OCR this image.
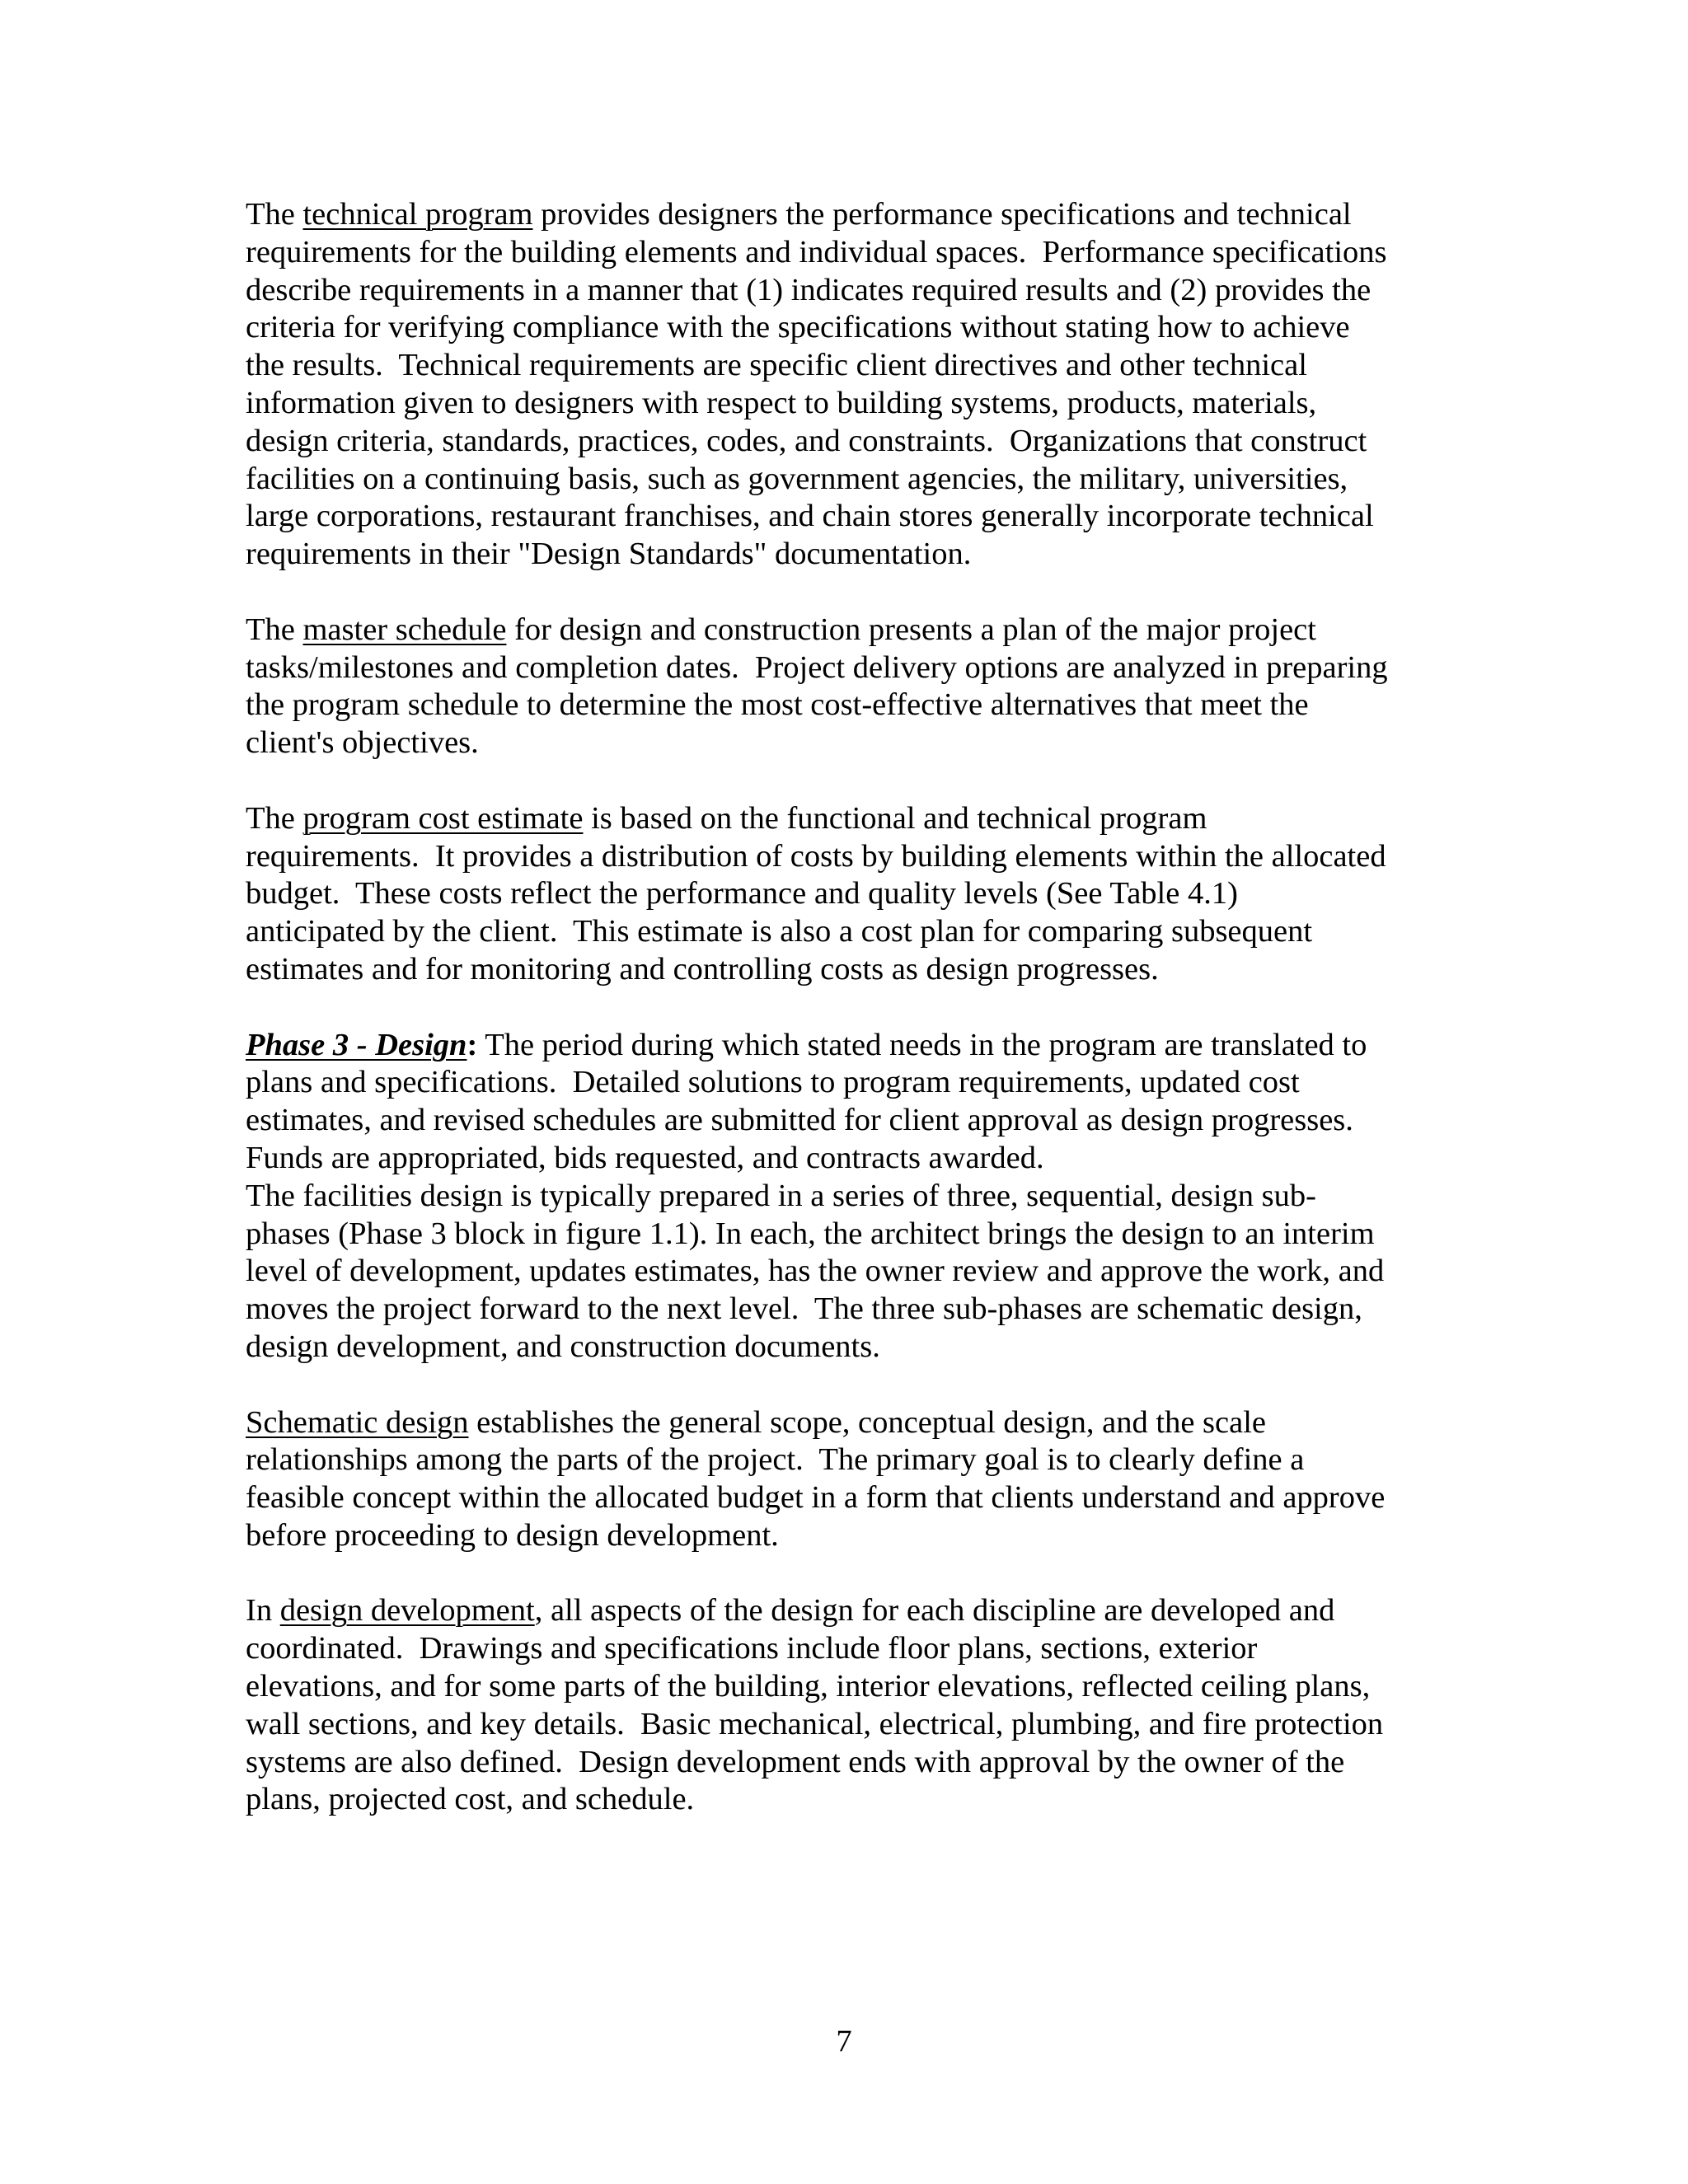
The technical program provides designers the performance specifications and technical
requirements for the building elements and individual spaces.  Performance specifications
describe requirements in a manner that (1) indicates required results and (2) provides the
criteria for verifying compliance with the specifications without stating how to achieve
the results.  Technical requirements are specific client directives and other technical
information given to designers with respect to building systems, products, materials,
design criteria, standards, practices, codes, and constraints.  Organizations that construct
facilities on a continuing basis, such as government agencies, the military, universities,
large corporations, restaurant franchises, and chain stores generally incorporate technical
requirements in their "Design Standards" documentation.
The master schedule for design and construction presents a plan of the major project
tasks/milestones and completion dates.  Project delivery options are analyzed in preparing
the program schedule to determine the most cost-effective alternatives that meet the
client's objectives.
The program cost estimate is based on the functional and technical program
requirements.  It provides a distribution of costs by building elements within the allocated
budget.  These costs reflect the performance and quality levels (See Table 4.1)
anticipated by the client.  This estimate is also a cost plan for comparing subsequent
estimates and for monitoring and controlling costs as design progresses.
Phase 3 - Design: The period during which stated needs in the program are translated to
plans and specifications.  Detailed solutions to program requirements, updated cost
estimates, and revised schedules are submitted for client approval as design progresses.
Funds are appropriated, bids requested, and contracts awarded.
The facilities design is typically prepared in a series of three, sequential, design sub-
phases (Phase 3 block in figure 1.1). In each, the architect brings the design to an interim
level of development, updates estimates, has the owner review and approve the work, and
moves the project forward to the next level.  The three sub-phases are schematic design,
design development, and construction documents.
Schematic design establishes the general scope, conceptual design, and the scale
relationships among the parts of the project.  The primary goal is to clearly define a
feasible concept within the allocated budget in a form that clients understand and approve
before proceeding to design development.
In design development, all aspects of the design for each discipline are developed and
coordinated.  Drawings and specifications include floor plans, sections, exterior
elevations, and for some parts of the building, interior elevations, reflected ceiling plans,
wall sections, and key details.  Basic mechanical, electrical, plumbing, and fire protection
systems are also defined.  Design development ends with approval by the owner of the
plans, projected cost, and schedule.
7
